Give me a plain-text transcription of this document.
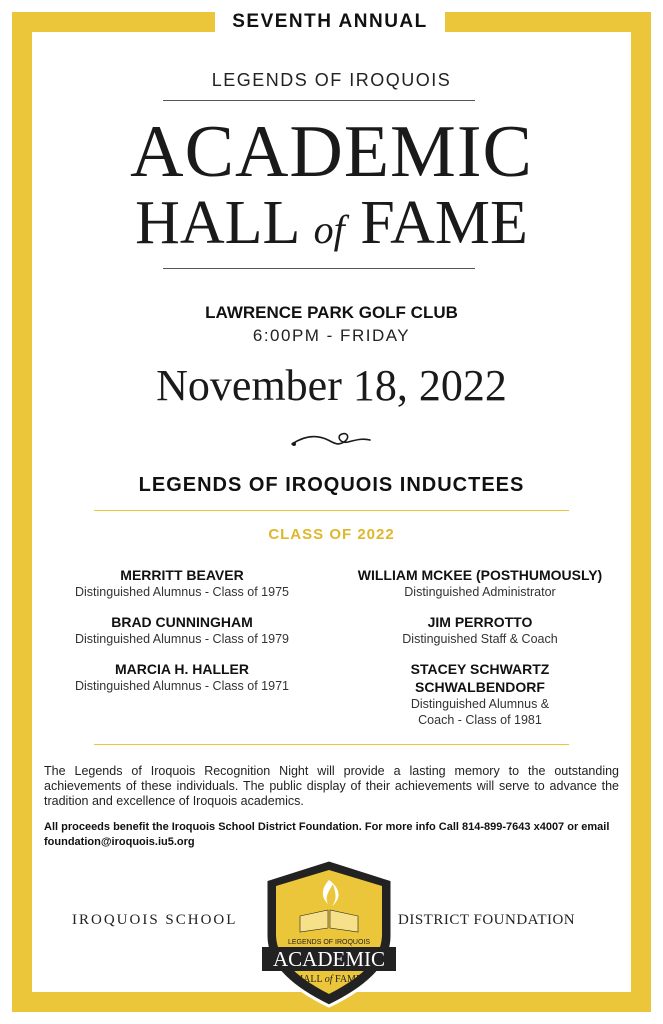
SEVENTH ANNUAL
LEGENDS OF IROQUOIS
ACADEMIC
HALL of FAME
LAWRENCE PARK GOLF CLUB
6:00PM - FRIDAY
November 18, 2022
LEGENDS OF IROQUOIS INDUCTEES
CLASS OF 2022
MERRITT BEAVER
Distinguished Alumnus - Class of 1975
BRAD CUNNINGHAM
Distinguished Alumnus - Class of 1979
MARCIA H. HALLER
Distinguished Alumnus - Class of 1971
WILLIAM MCKEE (POSTHUMOUSLY)
Distinguished Administrator
JIM PERROTTO
Distinguished Staff & Coach
STACEY SCHWARTZ SCHWALBENDORF
Distinguished Alumnus & Coach - Class of 1981
The Legends of Iroquois Recognition Night will provide a lasting memory to the outstanding achievements of these individuals. The public display of their achievements will serve to advance the tradition and excellence of Iroquois academics.
All proceeds benefit the Iroquois School District Foundation. For more info Call 814-899-7643 x4007 or email foundation@iroquois.iu5.org
IROQUOIS SCHOOL	DISTRICT FOUNDATION
LEGENDS OF IROQUOIS
ACADEMIC
HALL of FAME
